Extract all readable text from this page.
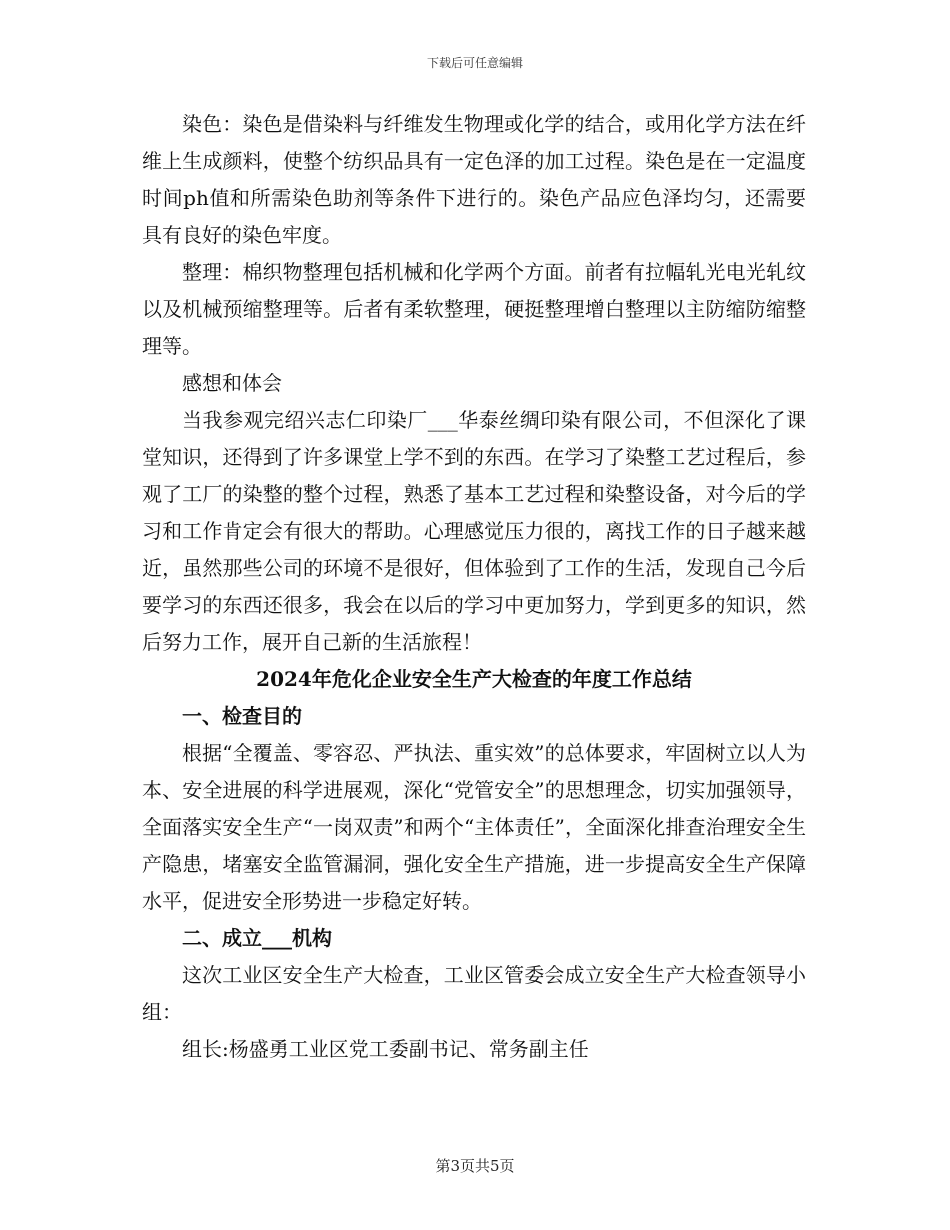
下载后可任意编辑

染色：染色是借染料与纤维发生物理或化学的结合，或用化学方法在纤维上生成颜料，使整个纺织品具有一定色泽的加工过程。染色是在一定温度时间ph值和所需染色助剂等条件下进行的。染色产品应色泽均匀，还需要具有良好的染色牢度。

整理：棉织物整理包括机械和化学两个方面。前者有拉幅轧光电光轧纹以及机械预缩整理等。后者有柔软整理，硬挺整理增白整理以主防缩防缩整理等。

感想和体会

当我参观完绍兴志仁印染厂___华泰丝绸印染有限公司，不但深化了课堂知识，还得到了许多课堂上学不到的东西。在学习了染整工艺过程后，参观了工厂的染整的整个过程，熟悉了基本工艺过程和染整设备，对今后的学习和工作肯定会有很大的帮助。心理感觉压力很的，离找工作的日子越来越近，虽然那些公司的环境不是很好，但体验到了工作的生活，发现自己今后要学习的东西还很多，我会在以后的学习中更加努力，学到更多的知识，然后努力工作，展开自己新的生活旅程！

2024年危化企业安全生产大检查的年度工作总结

一、检查目的

根据“全覆盖、零容忍、严执法、重实效”的总体要求，牢固树立以人为本、安全进展的科学进展观，深化“党管安全”的思想理念，切实加强领导，全面落实安全生产“一岗双责”和两个“主体责任”，全面深化排查治理安全生产隐患，堵塞安全监管漏洞，强化安全生产措施，进一步提高安全生产保障水平，促进安全形势进一步稳定好转。

二、成立___机构

这次工业区安全生产大检查，工业区管委会成立安全生产大检查领导小组：

组长:杨盛勇工业区党工委副书记、常务副主任

第3页共5页
